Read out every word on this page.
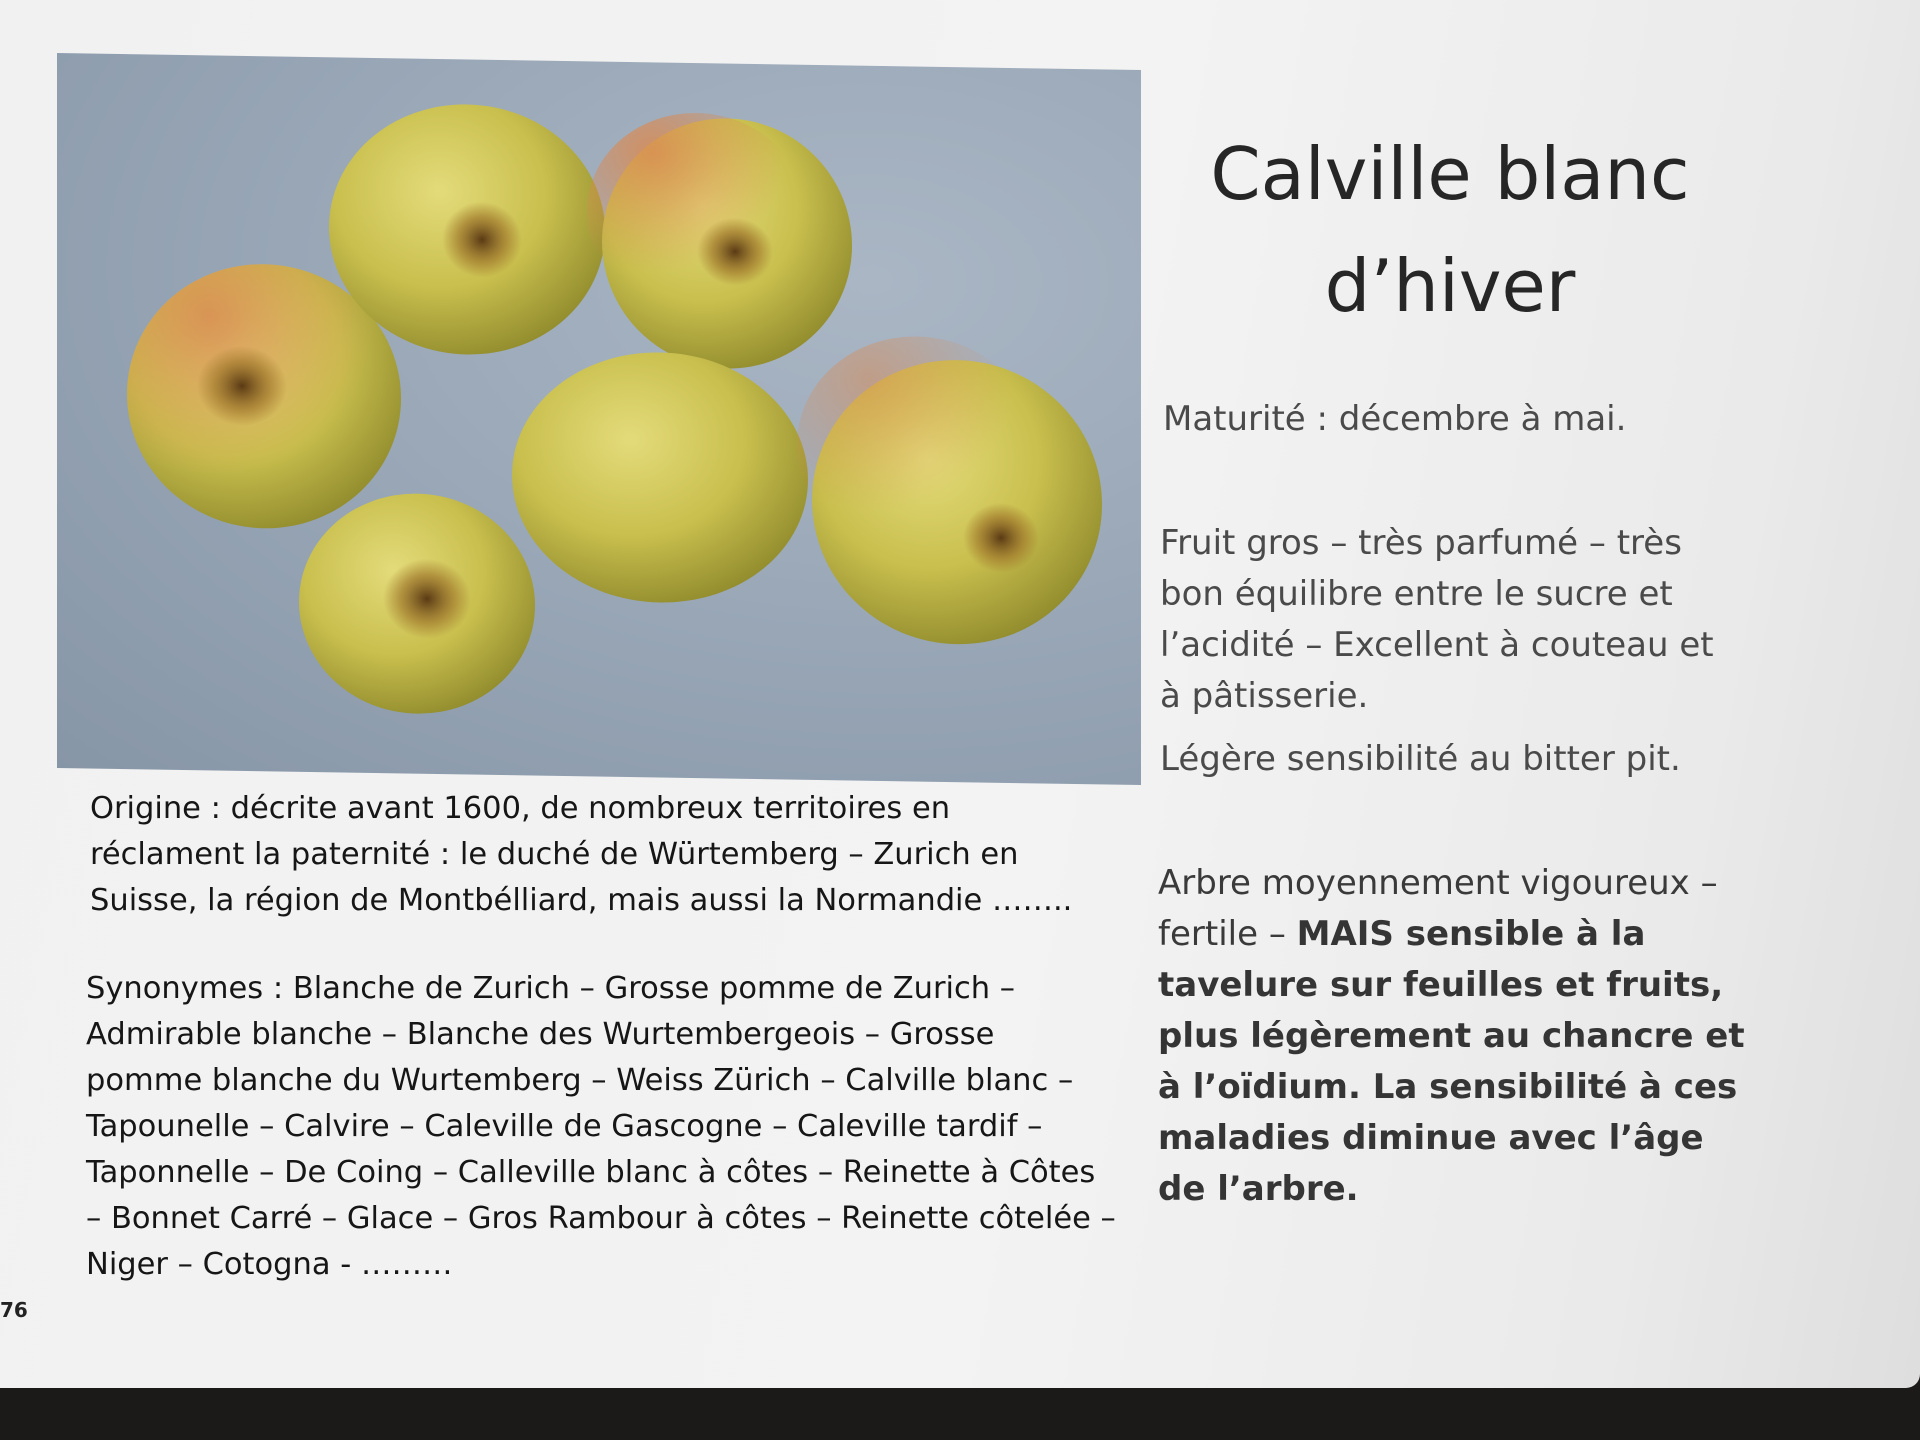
Calville blanc
d’hiver
Maturité : décembre à mai.
Fruit gros – très parfumé – très bon équilibre entre le sucre et l’acidité – Excellent à couteau et à pâtisserie.
Légère sensibilité au bitter pit.
Arbre moyennement vigoureux – fertile – MAIS sensible à la tavelure sur feuilles et fruits, plus légèrement au chancre et à l’oïdium. La sensibilité à ces maladies diminue avec l’âge de l’arbre.
Origine : décrite avant 1600, de nombreux territoires en réclament la paternité : le duché de Würtemberg – Zurich en Suisse, la région de Montbélliard, mais aussi la Normandie ……..
Synonymes : Blanche de Zurich – Grosse pomme de Zurich – Admirable blanche – Blanche des Wurtembergeois – Grosse pomme blanche du Wurtemberg – Weiss Zürich – Calville blanc – Tapounelle – Calvire – Caleville de Gascogne – Caleville tardif – Taponnelle – De Coing – Calleville blanc à côtes – Reinette à Côtes – Bonnet Carré – Glace – Gros Rambour à côtes – Reinette côtelée – Niger – Cotogna - ………
76
